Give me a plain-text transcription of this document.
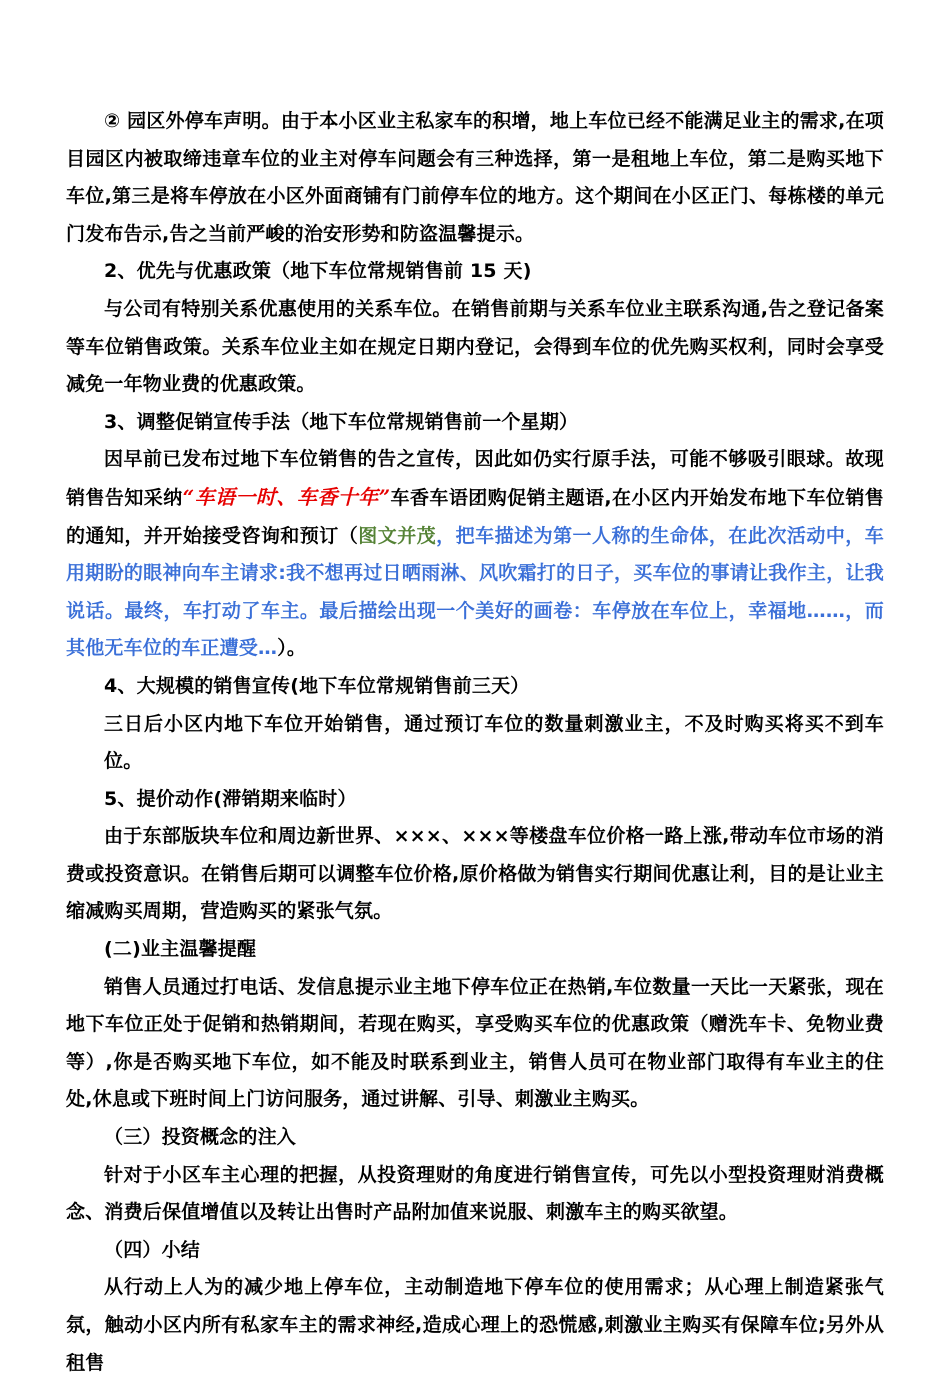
② 园区外停车声明。由于本小区业主私家车的积增，地上车位已经不能满足业主的需求,在项目园区内被取缔违章车位的业主对停车问题会有三种选择，第一是租地上车位，第二是购买地下车位,第三是将车停放在小区外面商铺有门前停车位的地方。这个期间在小区正门、每栋楼的单元门发布告示,告之当前严峻的治安形势和防盗温馨提示。

2、优先与优惠政策（地下车位常规销售前 15 天)

与公司有特别关系优惠使用的关系车位。在销售前期与关系车位业主联系沟通,告之登记备案等车位销售政策。关系车位业主如在规定日期内登记，会得到车位的优先购买权利，同时会享受减免一年物业费的优惠政策。

3、调整促销宣传手法（地下车位常规销售前一个星期）

因早前已发布过地下车位销售的告之宣传，因此如仍实行原手法，可能不够吸引眼球。故现销售告知采纳“车语一时、车香十年”车香车语团购促销主题语,在小区内开始发布地下车位销售的通知，并开始接受咨询和预订（图文并茂，把车描述为第一人称的生命体，在此次活动中，车用期盼的眼神向车主请求:我不想再过日晒雨淋、风吹霜打的日子，买车位的事请让我作主，让我说话。最终，车打动了车主。最后描绘出现一个美好的画卷：车停放在车位上，幸福地……，而其他无车位的车正遭受…）。

4、大规模的销售宣传(地下车位常规销售前三天）

三日后小区内地下车位开始销售，通过预订车位的数量刺激业主，不及时购买将买不到车位。

5、提价动作(滞销期来临时）

由于东部版块车位和周边新世界、×××、×××等楼盘车位价格一路上涨,带动车位市场的消费或投资意识。在销售后期可以调整车位价格,原价格做为销售实行期间优惠让利，目的是让业主缩减购买周期，营造购买的紧张气氛。

(二)业主温馨提醒

销售人员通过打电话、发信息提示业主地下停车位正在热销,车位数量一天比一天紧张，现在地下车位正处于促销和热销期间，若现在购买，享受购买车位的优惠政策（赠洗车卡、免物业费等）,你是否购买地下车位，如不能及时联系到业主，销售人员可在物业部门取得有车业主的住处,休息或下班时间上门访问服务，通过讲解、引导、刺激业主购买。

（三）投资概念的注入

针对于小区车主心理的把握，从投资理财的角度进行销售宣传，可先以小型投资理财消费概念、消费后保值增值以及转让出售时产品附加值来说服、刺激车主的购买欲望。

（四）小结

从行动上人为的减少地上停车位，主动制造地下停车位的使用需求；从心理上制造紧张气氛，触动小区内所有私家车主的需求神经,造成心理上的恐慌感,刺激业主购买有保障车位;另外从租售
